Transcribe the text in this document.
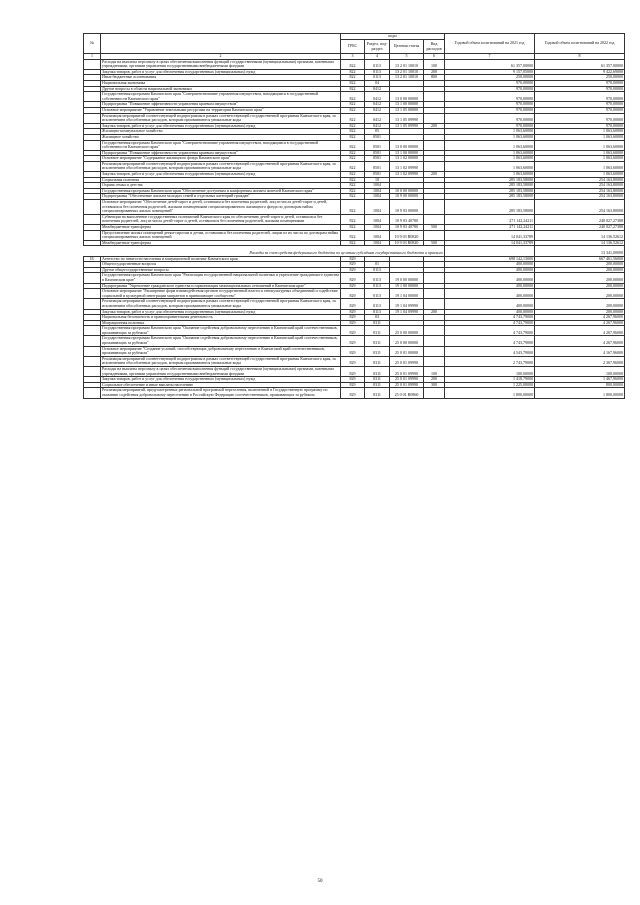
№		коды				Годовой объем ассигнований на 2021 год	Годовой объем ассигнований на 2022 год	
		ГРБС	Раздел, под-раздел	Целевая статья	Вид расходов			
1	2	3	4	5	6	7	8	
	Расходы на выплаты персоналу в целях обеспечения выполнения функций государственными (муниципальными) органами, казенными учреждениями, органами управления государственными внебюджетными фондами	822	0113	13 2 01 10010	100	61 357,00000	61 357,00000	
	Закупка товаров, работ и услуг для обеспечения государственных (муниципальных) нужд	822	0113	13 2 01 10010	200	9 157,05000	9 422,69000	
	Иные бюджетные ассигнования	822	0113	13 2 01 10010	800	250,00000	250,00000	
	Национальная экономика	822	04			970,00000	970,00000	
	Другие вопросы в области национальной экономики	822	0412			970,00000	970,00000	
	Государственная программа Камчатского края "Совершенствование управления имуществом, находящимся в государственной собственности Камчатского края"	822	0412	13 0 00 00000		970,00000	970,00000	
	Подпрограмма "Повышение эффективности управления краевым имуществом"	822	0412	13 1 00 00000		970,00000	970,00000	
	Основное мероприятие "Управление земельными ресурсами на территории Камчатского края"	822	0412	13 1 05 00000		970,00000	970,00000	
	Реализация мероприятий соответствующей подпрограммы в рамках соответствующей государственной программы Камчатского края, за исключением обособленных расходов, которым присваиваются уникальные коды	822	0412	13 1 05 09990		970,00000	970,00000	
	Закупка товаров, работ и услуг для обеспечения государственных (муниципальных) нужд	822	0412	13 1 05 09990	200	970,00000	970,00000	
	Жилищно-коммунальное хозяйство	822	05			1 063,60000	1 063,60000	
	Жилищное хозяйство	822	0501			1 063,60000	1 063,60000	
	Государственная программа Камчатского края "Совершенствование управления имуществом, находящимся в государственной собственности Камчатского края"	822	0501	13 0 00 00000		1 063,60000	1 063,60000	
	Подпрограмма "Повышение эффективности управления краевым имуществом"	822	0501	13 1 00 00000		1 063,60000	1 063,60000	
	Основное мероприятие "Содержание жилищного фонда Камчатского края"	822	0501	13 1 02 00000		1 063,60000	1 063,60000	
	Реализация мероприятий соответствующей подпрограммы в рамках соответствующей государственной программы Камчатского края, за исключением обособленных расходов, которым присваиваются уникальные коды	822	0501	13 1 02 09990		1 063,60000	1 063,60000	
	Закупка товаров, работ и услуг для обеспечения государственных (муниципальных) нужд	822	0501	13 1 02 09990	200	1 063,60000	1 063,60000	
	Социальная политика	822	10			285 183,58000	254 163,80000	
	Охрана семьи и детства	822	1004			285 183,58000	254 163,80000	
	Государственная программа Камчатского края "Обеспечение доступным и комфортным жильем жителей Камчатского края"	822	1004	10 0 00 00000		285 183,58000	254 163,80000	
	Подпрограмма "Обеспечение жильем молодых семей и отдельных категорий граждан"	822	1004	10 9 00 00000		285 183,58000	254 163,80000	
	Основное мероприятие "Обеспечение детей-сирот и детей, оставшихся без попечения родителей, лиц из числа детей-сирот и детей, оставшихся без попечения родителей, жилыми помещениями специализированного жилищного фонда по договорам найма специализированных жилых помещений"	822	1004	10 9 03 00000		285 183,58000	254 163,80000	
	Субвенции на выполнение государственных полномочий Камчатского края по обеспечению детей-сирот и детей, оставшихся без попечения родителей, лиц из числа детей-сирот и детей, оставшихся без попечения родителей, жилыми помещениями	822	1004	10 9 03 40780		271 142,24211	240 027,27388	
	Межбюджетные трансферты	822	1004	10 9 03 40780	500	271 142,24211	240 027,27388	
	Предоставление жилых помещений детям-сиротам и детям, оставшимся без попечения родителей, лицам из их числа по договорам найма специализированных жилых помещений	822	1004	10 9 03 R0820		14 041,33789	14 136,52612	
	Межбюджетные трансферты	822	1004	10 9 03 R0820	500	14 041,33789	14 136,52612	
	Расходы за счет средств федерального бюджета по целевым субсидиям государственного бюджета и краевого						13 341,00000	
18.	Агентство по занятости населения и миграционной политике Камчатского края	829				698 142,13000	667 461,56000	
	Общегосударственные вопросы	829	01			400,00000	200,00000	
	Другие общегосударственные вопросы	829	0113			400,00000	200,00000	
	Государственная программа Камчатского края "Реализация государственной национальной политики и укрепление гражданского единства в Камчатском крае"	829	0113	19 0 00 00000		400,00000	200,00000	
	Подпрограмма "Укрепление гражданского единства и гармонизация межнациональных отношений в Камчатском крае"	829	0113	19 1 00 00000		400,00000	200,00000	
	Основное мероприятие "Расширение форм взаимодействия органов государственной власти и этнокультурных объединений и содействие социальной и культурной интеграции мигрантов в принимающее сообщество"	829	0113	19 1 04 00000		400,00000	200,00000	
	Реализация мероприятий соответствующей подпрограммы в рамках соответствующей государственной программы Камчатского края, за исключением обособленных расходов, которым присваиваются уникальные коды	829	0113	19 1 04 09990		400,00000	200,00000	
	Закупка товаров, работ и услуг для обеспечения государственных (муниципальных) нужд	829	0113	19 1 04 09990	200	400,00000	200,00000	
	Национальная безопасность и правоохранительная деятельность	829	03			4 743,79000	4 267,96000	
	Миграционная политика	829	0311			4 743,79000	4 267,96000	
	Государственная программа Камчатского края "Оказание содействия добровольному переселению в Камчатский край соотечественников, проживающих за рубежом"	829	0311	25 0 00 00000		4 743,79000	4 267,96000	
	Государственная программа Камчатского края "Оказание содействия добровольному переселению в Камчатский край соотечественников, проживающих за рубежом"	829	0311	25 0 00 00000		4 743,79000	4 267,96000	
	Основное мероприятие "Создание условий, способствующих добровольному переселению в Камчатский край соотечественников, проживающих за рубежом"	829	0311	25 0 01 00000		4 543,79000	4 167,96000	
	Реализация мероприятий соответствующей подпрограммы в рамках соответствующей государственной программы Камчатского края, за исключением обособленных расходов, которым присваиваются уникальные коды	829	0311	25 0 01 09990		2 743,79000	2 367,96000	
	Расходы на выплаты персоналу в целях обеспечения выполнения функций государственными (муниципальными) органами, казенными учреждениями, органами управления государственными внебюджетными фондами	829	0311	25 0 01 09990	100	100,00000	100,00000	
	Закупка товаров, работ и услуг для обеспечения государственных (муниципальных) нужд	829	0311	25 0 01 09990	200	1 418,79000	1 467,96000	
	Социальное обеспечение и иные выплаты населению	829	0311	25 0 01 09990	300	1 225,00000	800,00000	
	Реализация мероприятий, предусмотренных региональной программой переселения, включенной в Государственную программу по оказанию содействия добровольному переселению в Российскую Федерацию соотечественников, проживающих за рубежом	829	0311	25 0 01 R0860		1 800,00000	1 800,00000	
50
